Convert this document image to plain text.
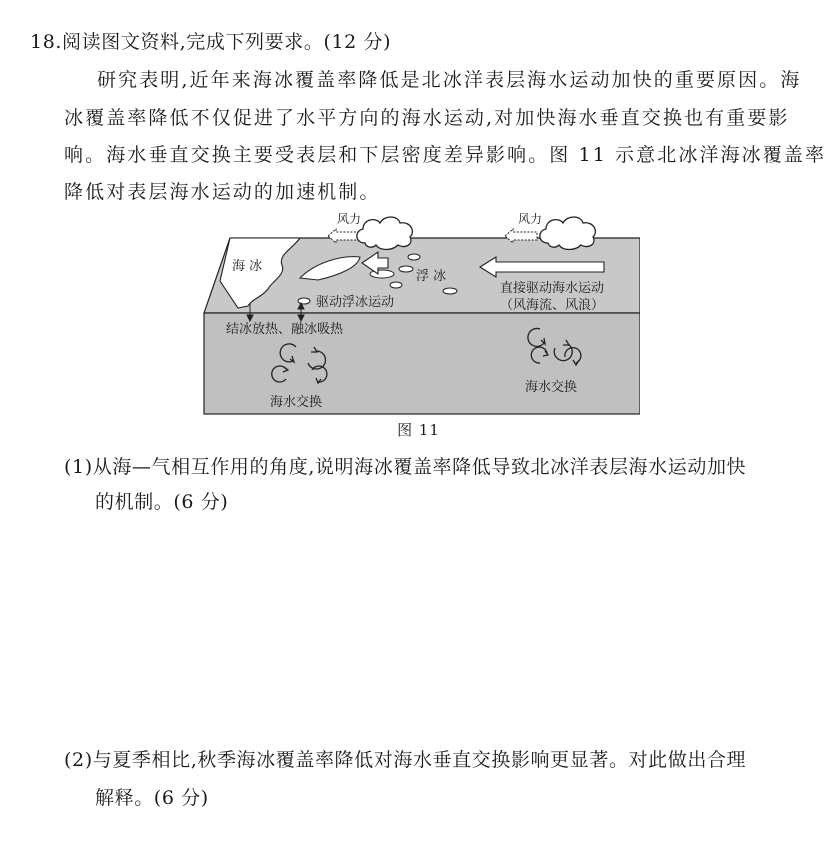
18.阅读图文资料,完成下列要求。(12 分)
研究表明,近年来海冰覆盖率降低是北冰洋表层海水运动加快的重要原因。海
冰覆盖率降低不仅促进了水平方向的海水运动,对加快海水垂直交换也有重要影
响。海水垂直交换主要受表层和下层密度差异影响。图 11 示意北冰洋海冰覆盖率
降低对表层海水运动的加速机制。
海 冰
浮 冰
风力	风力
驱动浮冰运动
直接驱动海水运动
（风海流、风浪）
结冰放热、融冰吸热
海水交换
海水交换
图 11
(1)从海—气相互作用的角度,说明海冰覆盖率降低导致北冰洋表层海水运动加快
的机制。(6 分)
(2)与夏季相比,秋季海冰覆盖率降低对海水垂直交换影响更显著。对此做出合理
解释。(6 分)
